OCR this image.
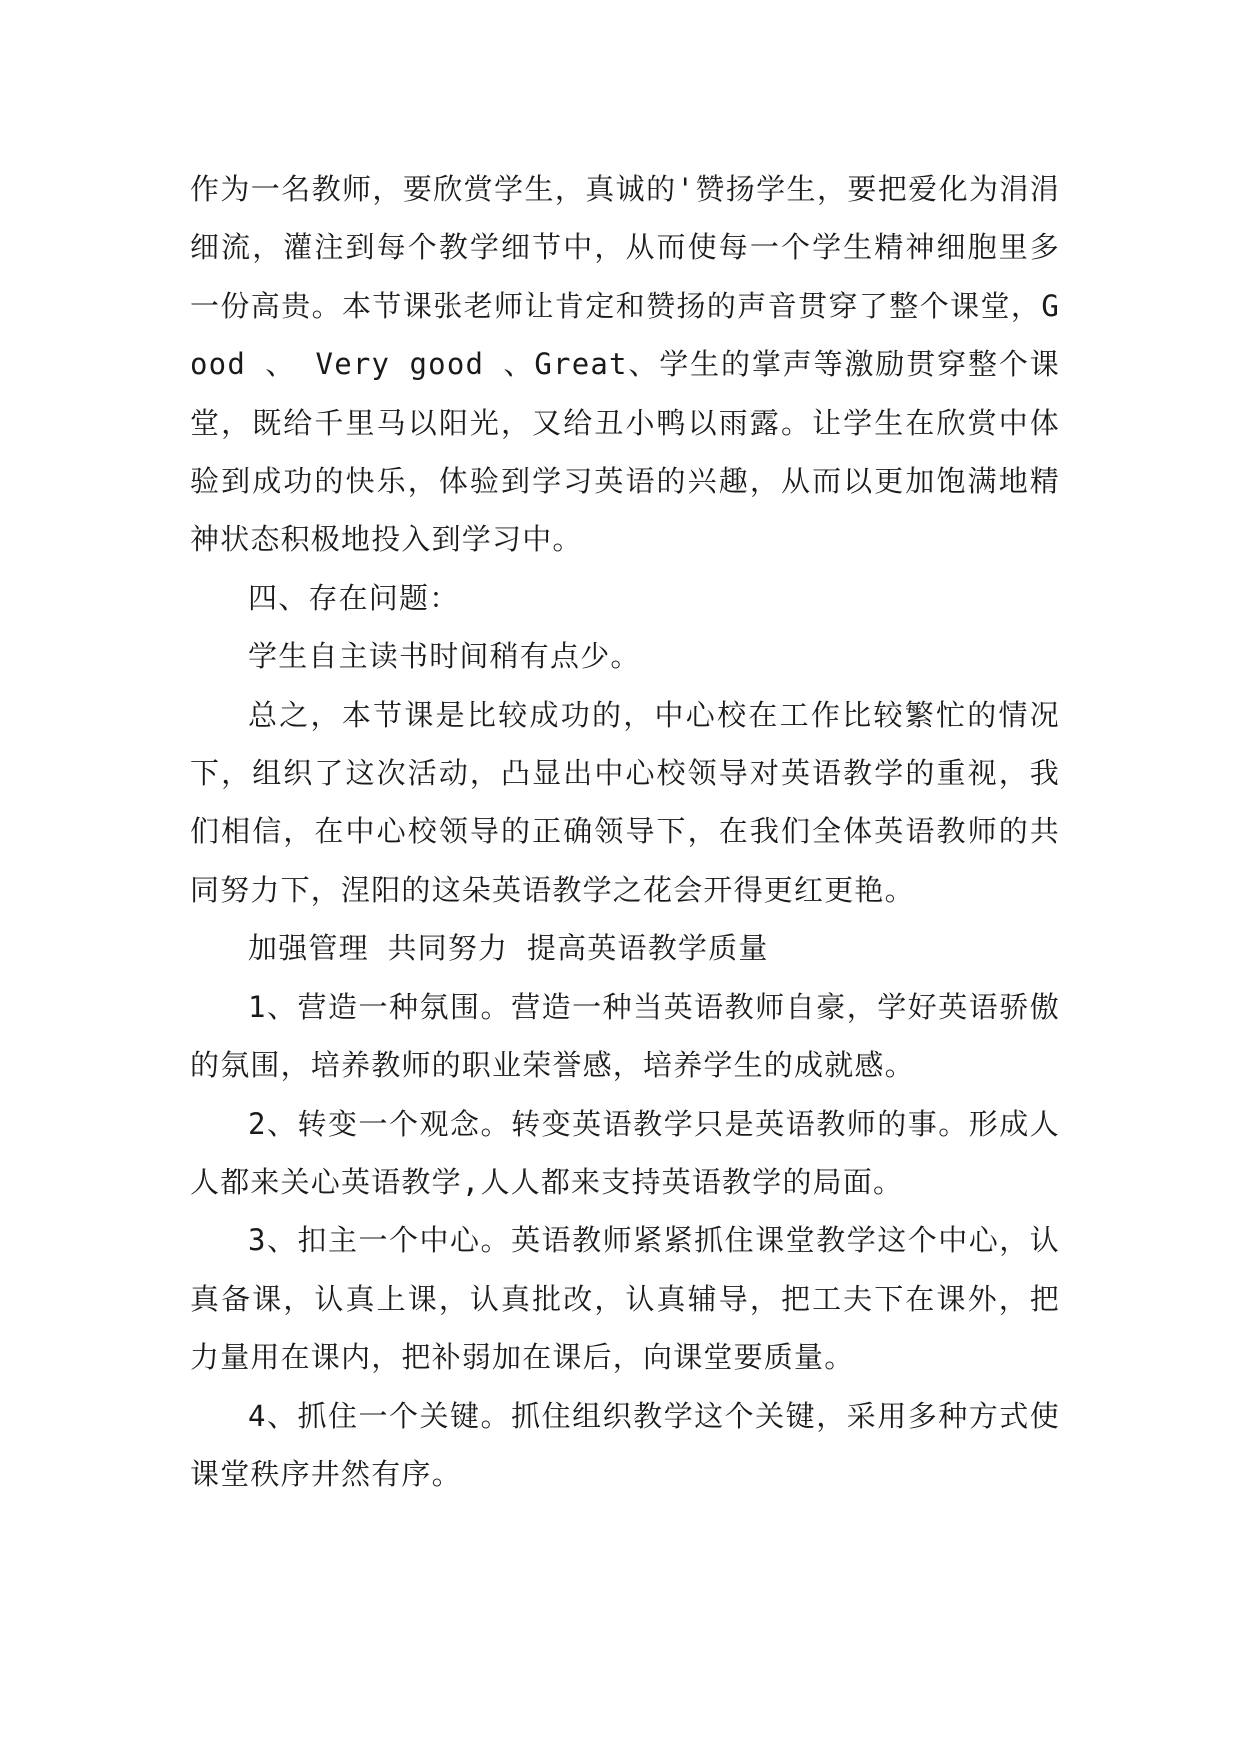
作为一名教师，要欣赏学生，真诚的'赞扬学生，要把爱化为涓涓细流，灌注到每个教学细节中，从而使每一个学生精神细胞里多一份高贵。本节课张老师让肯定和赞扬的声音贯穿了整个课堂，Good 、 Very good 、Great、学生的掌声等激励贯穿整个课堂，既给千里马以阳光，又给丑小鸭以雨露。让学生在欣赏中体验到成功的快乐，体验到学习英语的兴趣，从而以更加饱满地精神状态积极地投入到学习中。

四、存在问题：

学生自主读书时间稍有点少。

总之，本节课是比较成功的，中心校在工作比较繁忙的情况下，组织了这次活动，凸显出中心校领导对英语教学的重视，我们相信，在中心校领导的正确领导下，在我们全体英语教师的共同努力下，涅阳的这朵英语教学之花会开得更红更艳。

加强管理 共同努力 提高英语教学质量

1、营造一种氛围。营造一种当英语教师自豪，学好英语骄傲的氛围，培养教师的职业荣誉感，培养学生的成就感。

2、转变一个观念。转变英语教学只是英语教师的事。形成人人都来关心英语教学,人人都来支持英语教学的局面。

3、扣主一个中心。英语教师紧紧抓住课堂教学这个中心，认真备课，认真上课，认真批改，认真辅导，把工夫下在课外，把力量用在课内，把补弱加在课后，向课堂要质量。

4、抓住一个关键。抓住组织教学这个关键，采用多种方式使课堂秩序井然有序。
